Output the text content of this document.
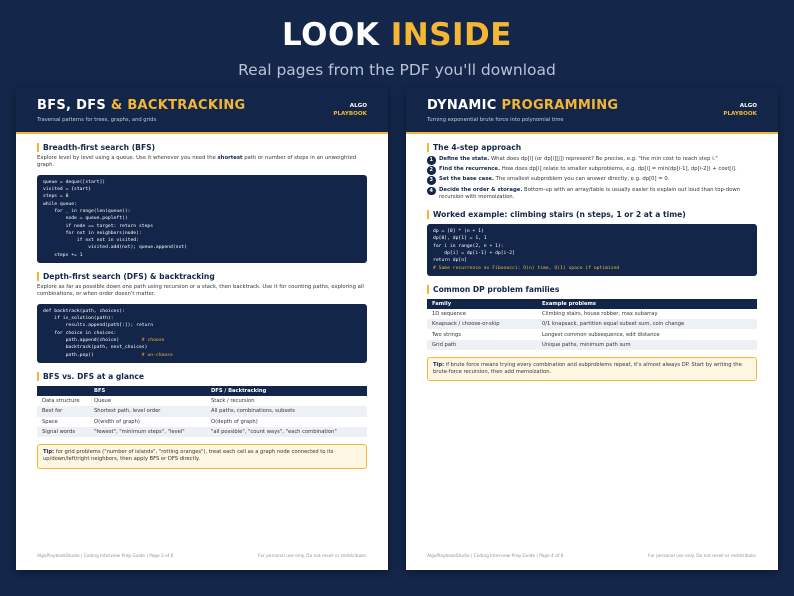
LOOK INSIDE

Real pages from the PDF you'll download

BFS, DFS & BACKTRACKING
Traversal patterns for trees, graphs, and grids
ALGO
PLAYBOOK
Breadth-first search (BFS)
Explore level by level using a queue. Use it whenever you need the shortest path or number of steps in an unweighted graph.
queue = deque([start])
visited = {start}
steps = 0
while queue:
for _ in range(len(queue)):
node = queue.popleft()
if node == target: return steps
for nxt in neighbors(node):
if nxt not in visited:
visited.add(nxt); queue.append(nxt)
steps += 1
Depth-first search (DFS) & backtracking
Explore as far as possible down one path using recursion or a stack, then backtrack. Use it for counting paths, exploring all combinations, or when order doesn't matter.
def backtrack(path, choices):
if is_solution(path):
results.append(path[:]); return
for choice in choices:
path.append(choice)        # choose
backtrack(path, next_choices)
path.pop()                 # un-choose
BFS vs. DFS at a glance
	BFS	DFS / Backtracking
Data structure	Queue	Stack / recursion
Best for	Shortest path, level order	All paths, combinations, subsets
Space	O(width of graph)	O(depth of graph)
Signal words	"fewest", "minimum steps", "level"	"all possible", "count ways", "each combination"
Tip: for grid problems ("number of islands", "rotting oranges"), treat each cell as a graph node connected to its up/down/left/right neighbors, then apply BFS or DFS directly.
AlgoPlaybookStudio | Coding Interview Prep Guide | Page 3 of 6	For personal use only. Do not resell or redistribute.
DYNAMIC PROGRAMMING
Turning exponential brute force into polynomial time
ALGO
PLAYBOOK
The 4-step approach
1	Define the state. What does dp[i] (or dp[i][j]) represent? Be precise, e.g. "the min cost to reach step i."
2	Find the recurrence. How does dp[i] relate to smaller subproblems, e.g. dp[i] = min(dp[i-1], dp[i-2]) + cost[i].
3	Set the base case. The smallest subproblem you can answer directly, e.g. dp[0] = 0.
4	Decide the order & storage. Bottom-up with an array/table is usually easier to explain out loud than top-down recursion with memoization.
Worked example: climbing stairs (n steps, 1 or 2 at a time)
dp = [0] * (n + 1)
dp[0], dp[1] = 1, 1
for i in range(2, n + 1):
dp[i] = dp[i-1] + dp[i-2]
return dp[n]
# Same recurrence as Fibonacci: O(n) time, O(1) space if optimized
Common DP problem families
Family	Example problems
1D sequence	Climbing stairs, house robber, max subarray
Knapsack / choose-or-skip	0/1 knapsack, partition equal subset sum, coin change
Two strings	Longest common subsequence, edit distance
Grid path	Unique paths, minimum path sum
Tip: if brute force means trying every combination and subproblems repeat, it's almost always DP. Start by writing the brute-force recursion, then add memoization.
AlgoPlaybookStudio | Coding Interview Prep Guide | Page 4 of 6	For personal use only. Do not resell or redistribute.
